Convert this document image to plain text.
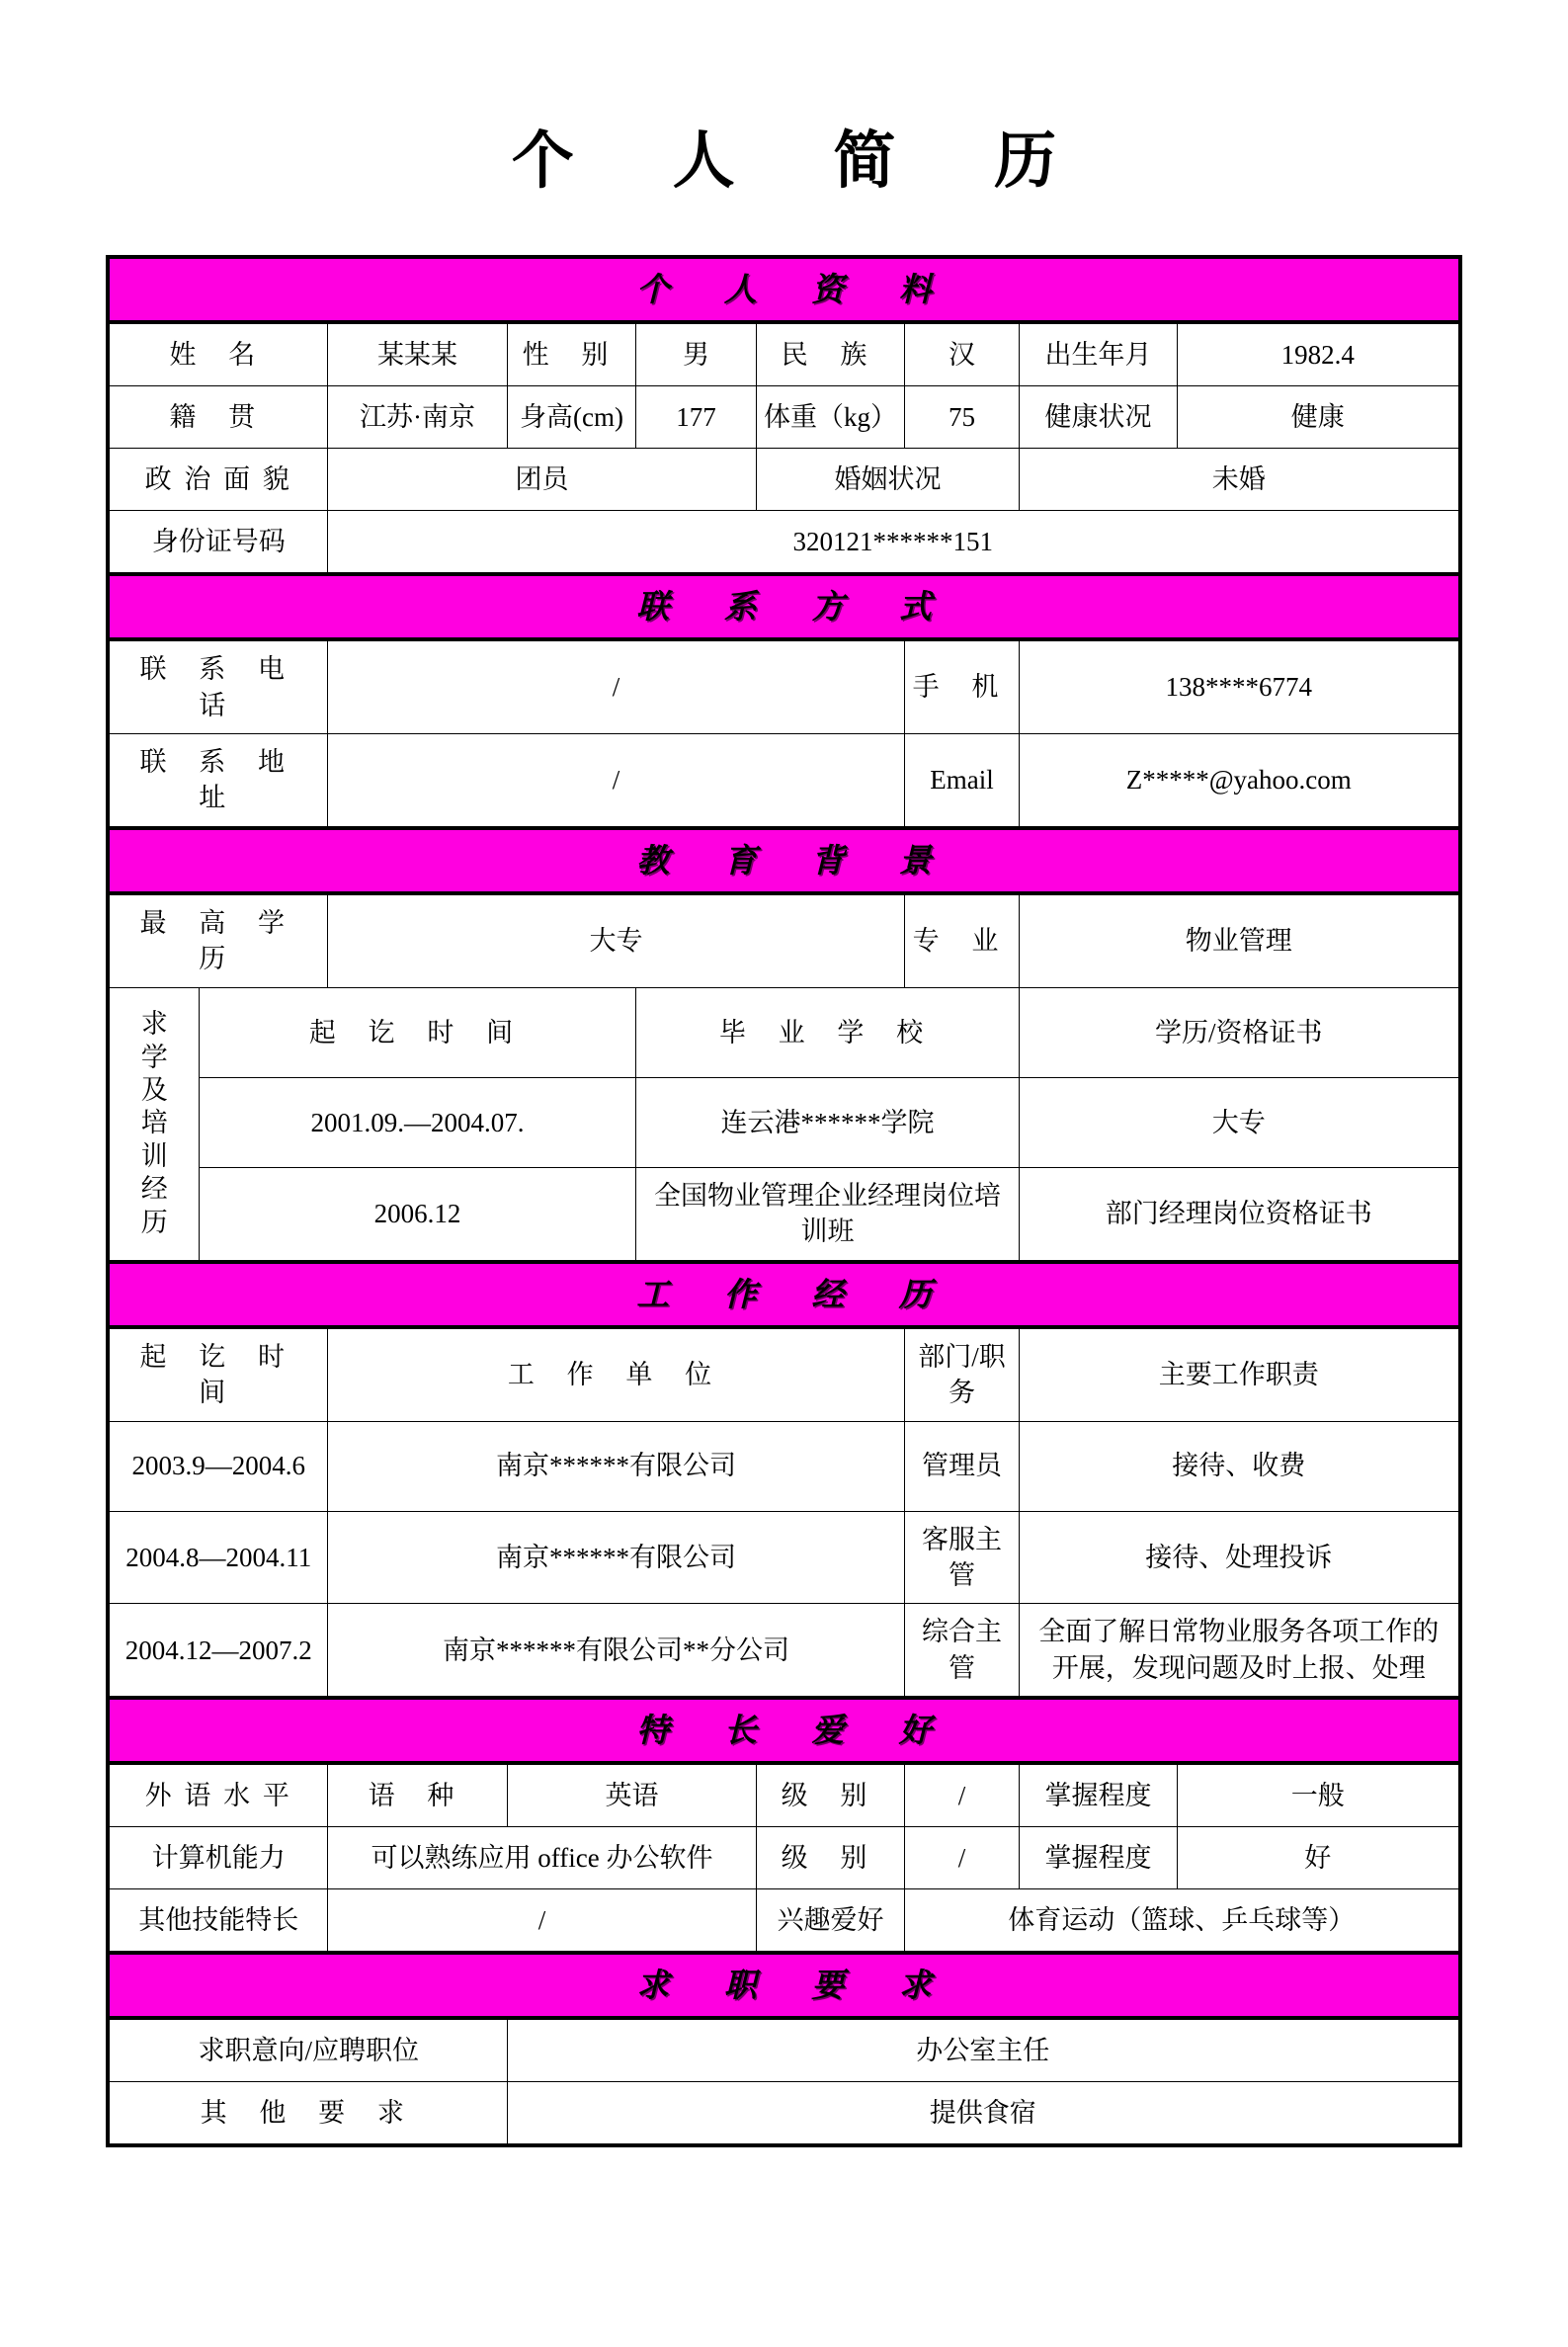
个 人 简 历
个 人 资 料								

姓 名		某某某	性 别	男	民 族	汉	出生年月	1982.4
籍 贯		江苏·南京	身高(cm)	177	体重（kg）	75	健康状况	健康
政 治 面 貌		团员			婚姻状况		未婚	
身份证号码		320121******151						

联 系 方 式								

联 系 电 话		/				手 机	138****6774	
联 系 地 址		/				Email	Z*****@yahoo.com	

教 育 背 景								

最 高 学 历		大专				专 业	物业管理	

求
学
及
培
训
经
历
	起 讫 时 间	毕 业 学 校	学历/资格证书
	2001.09.—2004.07.			连云港******学院			大专	
	2006.12			全国物业管理企业经理岗位培训班			部门经理岗位资格证书	

工 作 经 历								

起 讫 时 间		工 作 单 位				部门/职务	主要工作职责	
2003.9—2004.6		南京******有限公司				管理员	接待、收费	
2004.8—2004.11		南京******有限公司				客服主管	接待、处理投诉	
2004.12—2007.2		南京******有限公司**分公司				综合主管	全面了解日常物业服务各项工作的开展，发现问题及时上报、处理	

特 长 爱 好								

外 语 水 平		语 种	英语		级 别	/	掌握程度	一般
计算机能力		可以熟练应用 office 办公软件			级 别	/	掌握程度	好
其他技能特长		/			兴趣爱好	体育运动（篮球、乒乓球等）		

求 职 要 求								

求职意向/应聘职位			办公室主任					
其 他 要 求			提供食宿					
